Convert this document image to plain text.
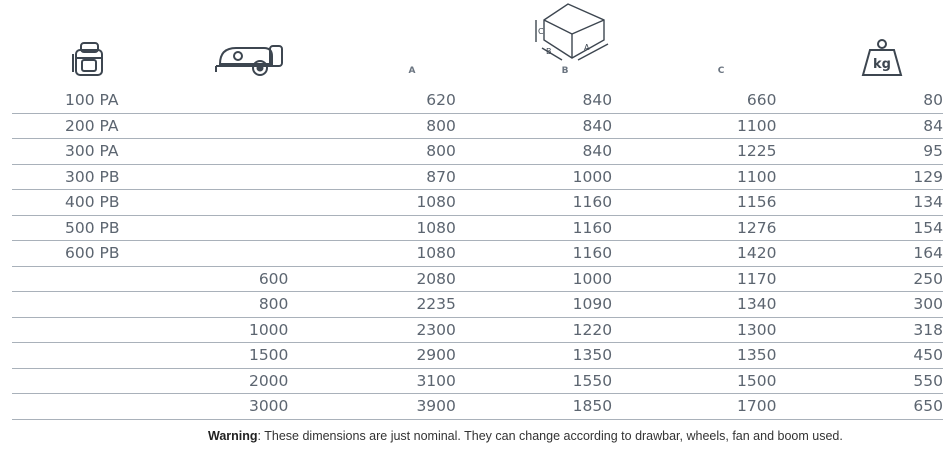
C
B	A
kg
A	B	C
100 PA		620	840	660	80
200 PA		800	840	1100	84
300 PA		800	840	1225	95
300 PB		870	1000	1100	129
400 PB		1080	1160	1156	134
500 PB		1080	1160	1276	154
600 PB		1080	1160	1420	164
	600	2080	1000	1170	250
	800	2235	1090	1340	300
	1000	2300	1220	1300	318
	1500	2900	1350	1350	450
	2000	3100	1550	1500	550
	3000	3900	1850	1700	650
Warning: These dimensions are just nominal. They can change according to drawbar, wheels, fan and boom used.
